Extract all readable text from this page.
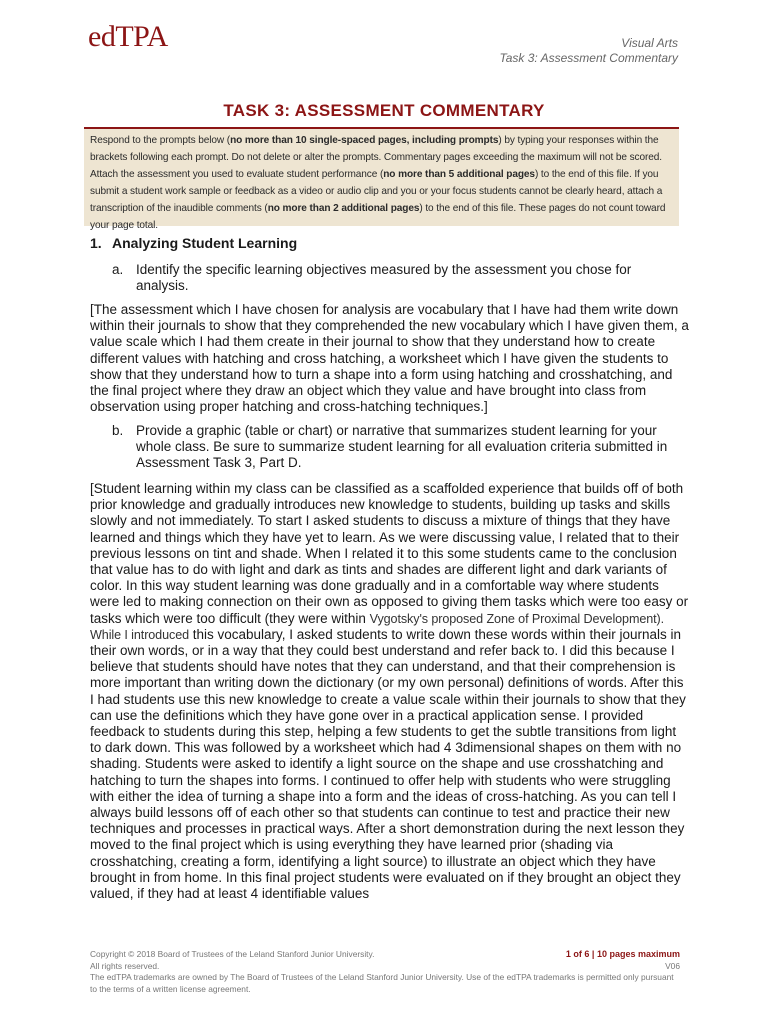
edTPA	Visual Arts
Task 3: Assessment Commentary
TASK 3: ASSESSMENT COMMENTARY
Respond to the prompts below (no more than 10 single-spaced pages, including prompts) by typing your responses within the brackets following each prompt. Do not delete or alter the prompts. Commentary pages exceeding the maximum will not be scored. Attach the assessment you used to evaluate student performance (no more than 5 additional pages) to the end of this file. If you submit a student work sample or feedback as a video or audio clip and you or your focus students cannot be clearly heard, attach a transcription of the inaudible comments (no more than 2 additional pages) to the end of this file. These pages do not count toward your page total.
1. Analyzing Student Learning
a. Identify the specific learning objectives measured by the assessment you chose for analysis.
[The assessment which I have chosen for analysis are vocabulary that I have had them write down within their journals to show that they comprehended the new vocabulary which I have given them, a value scale which I had them create in their journal to show that they understand how to create different values with hatching and cross hatching, a worksheet which I have given the students to show that they understand how to turn a shape into a form using hatching and crosshatching, and the final project where they draw an object which they value and have brought into class from observation using proper hatching and cross-hatching techniques.]
b. Provide a graphic (table or chart) or narrative that summarizes student learning for your whole class. Be sure to summarize student learning for all evaluation criteria submitted in Assessment Task 3, Part D.
[Student learning within my class can be classified as a scaffolded experience that builds off of both prior knowledge and gradually introduces new knowledge to students, building up tasks and skills slowly and not immediately. To start I asked students to discuss a mixture of things that they have learned and things which they have yet to learn. As we were discussing value, I related that to their previous lessons on tint and shade. When I related it to this some students came to the conclusion that value has to do with light and dark as tints and shades are different light and dark variants of color. In this way student learning was done gradually and in a comfortable way where students were led to making connection on their own as opposed to giving them tasks which were too easy or tasks which were too difficult (they were within Vygotsky's proposed Zone of Proximal Development). While I introduced this vocabulary, I asked students to write down these words within their journals in their own words, or in a way that they could best understand and refer back to. I did this because I believe that students should have notes that they can understand, and that their comprehension is more important than writing down the dictionary (or my own personal) definitions of words. After this I had students use this new knowledge to create a value scale within their journals to show that they can use the definitions which they have gone over in a practical application sense. I provided feedback to students during this step, helping a few students to get the subtle transitions from light to dark down. This was followed by a worksheet which had 4 3dimensional shapes on them with no shading. Students were asked to identify a light source on the shape and use crosshatching and hatching to turn the shapes into forms. I continued to offer help with students who were struggling with either the idea of turning a shape into a form and the ideas of cross-hatching. As you can tell I always build lessons off of each other so that students can continue to test and practice their new techniques and processes in practical ways. After a short demonstration during the next lesson they moved to the final project which is using everything they have learned prior (shading via crosshatching, creating a form, identifying a light source) to illustrate an object which they have brought in from home. In this final project students were evaluated on if they brought an object they valued, if they had at least 4 identifiable values
Copyright © 2018 Board of Trustees of the Leland Stanford Junior University.
All rights reserved.
The edTPA trademarks are owned by The Board of Trustees of the Leland Stanford Junior University. Use of the edTPA trademarks is permitted only pursuant to the terms of a written license agreement.
1 of 6 | 10 pages maximum
V06
